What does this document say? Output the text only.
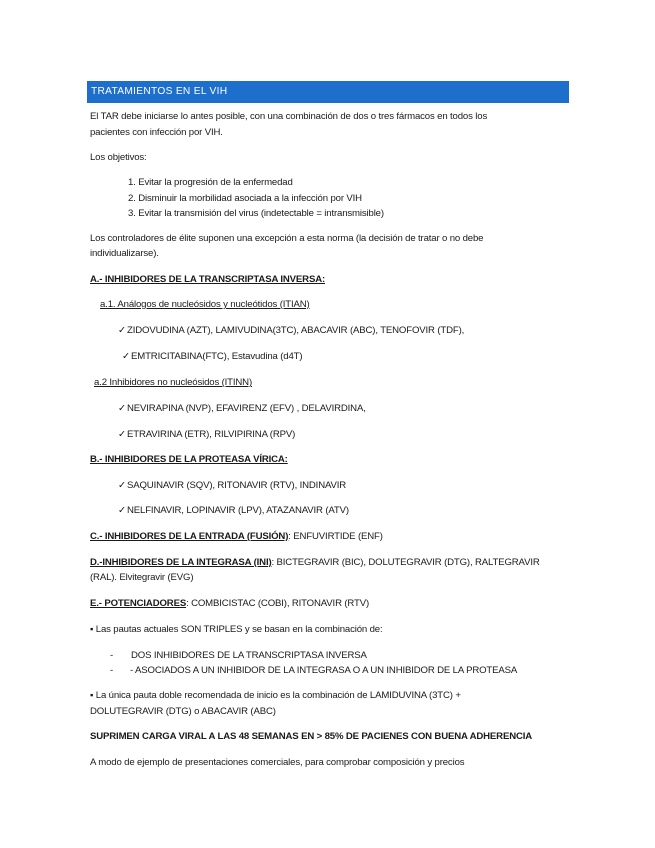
TRATAMIENTOS EN EL VIH
El TAR debe iniciarse lo antes posible, con una combinación de dos o tres fármacos en todos los
pacientes con infección por VIH.
Los objetivos:
1. Evitar la progresión de la enfermedad
2. Disminuir la morbilidad asociada a la infección por VIH
3. Evitar la transmisión del virus (indetectable = intransmisible)
Los controladores de élite suponen una excepción a esta norma (la decisión de tratar o no debe
individualizarse).
A.- INHIBIDORES DE LA TRANSCRIPTASA INVERSA:
a.1. Análogos de nucleósidos y nucleótidos (ITIAN)
✓ZIDOVUDINA (AZT), LAMIVUDINA(3TC), ABACAVIR (ABC), TENOFOVIR (TDF),
✓EMTRICITABINA(FTC), Estavudina (d4T)
a.2 Inhibidores no nucleósidos (ITINN)
✓NEVIRAPINA (NVP), EFAVIRENZ (EFV) , DELAVIRDINA,
✓ETRAVIRINA (ETR), RILVIPIRINA (RPV)
B.- INHIBIDORES DE LA PROTEASA VÍRICA:
✓SAQUINAVIR (SQV), RITONAVIR (RTV), INDINAVIR
✓NELFINAVIR, LOPINAVIR (LPV), ATAZANAVIR (ATV)
C.- INHIBIDORES DE LA ENTRADA (FUSIÓN): ENFUVIRTIDE (ENF)
D.-INHIBIDORES DE LA INTEGRASA (INI): BICTEGRAVIR (BIC), DOLUTEGRAVIR (DTG), RALTEGRAVIR
(RAL). Elvitegravir (EVG)
E.- POTENCIADORES: COMBICISTAC (COBI), RITONAVIR (RTV)
▪ Las pautas actuales SON TRIPLES y se basan en la combinación de:
- DOS INHIBIDORES DE LA TRANSCRIPTASA INVERSA
- - ASOCIADOS A UN INHIBIDOR DE LA INTEGRASA O A UN INHIBIDOR DE LA PROTEASA
▪ La única pauta doble recomendada de inicio es la combinación de LAMIDUVINA (3TC) +
DOLUTEGRAVIR (DTG) o ABACAVIR (ABC)
SUPRIMEN CARGA VIRAL A LAS 48 SEMANAS EN > 85% DE PACIENES CON BUENA ADHERENCIA
A modo de ejemplo de presentaciones comerciales, para comprobar composición y precios
